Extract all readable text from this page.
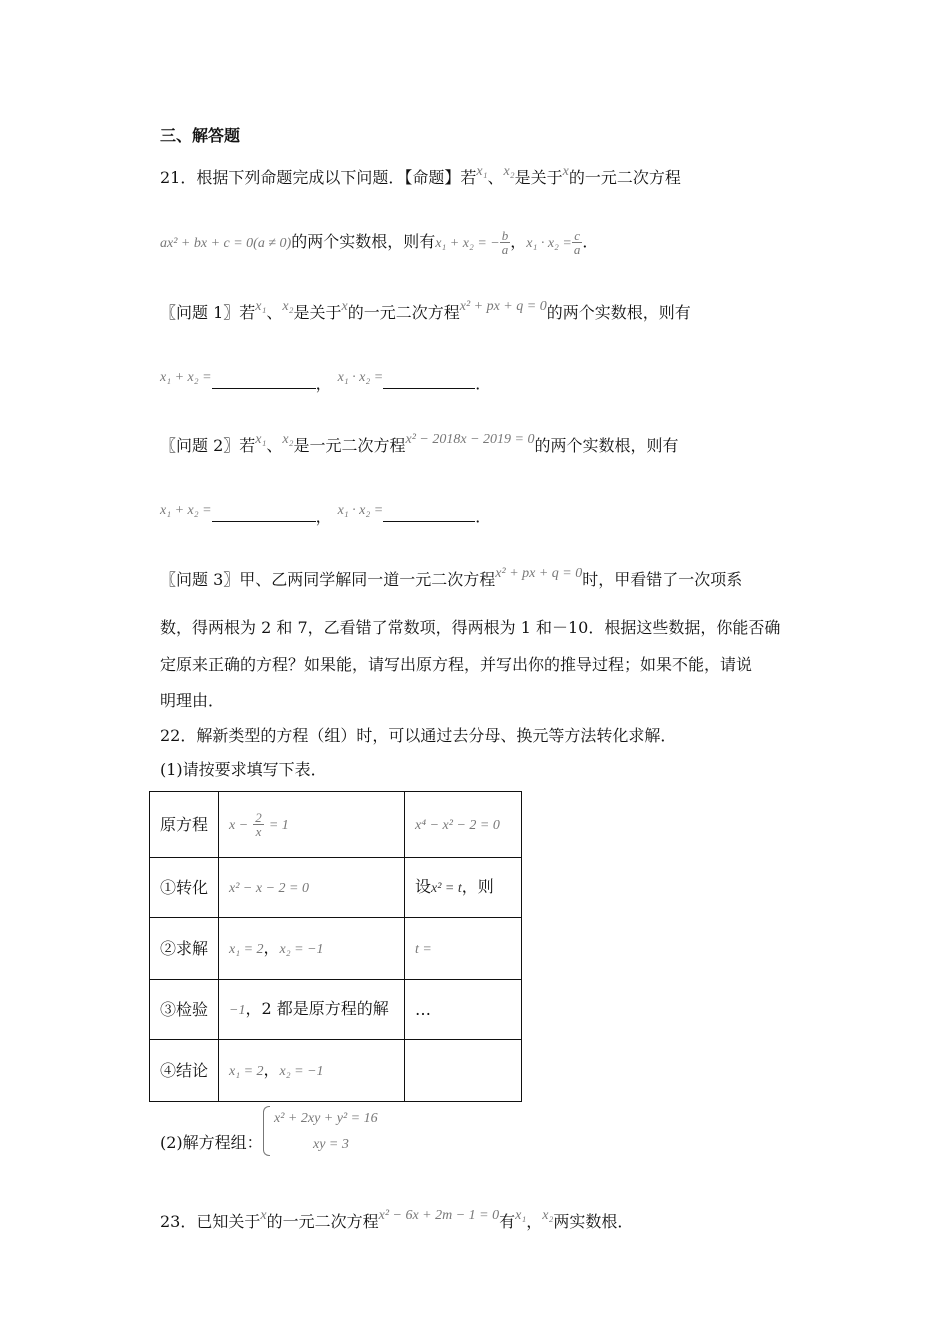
三、解答题
21．根据下列命题完成以下问题．【命题】若x₁、x₂是关于x的一元二次方程
ax² + bx + c = 0(a ≠ 0)的两个实数根，则有x₁ + x₂ = − $\frac{b}{a}$ ，$x_1 \cdot x_2 = \frac{c}{a}$ ．
〖问题 1〗若x₁、x₂是关于x的一元二次方程x² + px + q = 0的两个实数根，则有
x₁ + x₂ =	， x₁ · x₂ =	．
〖问题 2〗若x₁、x₂是一元二次方程x² − 2018x − 2019 = 0的两个实数根，则有
x₁ + x₂ =	， x₁ · x₂ =	．
〖问题 3〗甲、乙两同学解同一道一元二次方程x² + px + q = 0时，甲看错了一次项系
数，得两根为 2 和 7，乙看错了常数项，得两根为 1 和－10．根据这些数据，你能否确
定原来正确的方程？如果能，请写出原方程，并写出你的推导过程；如果不能，请说
明理由．
22．解新类型的方程（组）时，可以通过去分母、换元等方法转化求解．
(1)请按要求填写下表．
原方程	$x - \frac{2}{x} = 1$	x⁴ − x² − 2 = 0
①转化	x² − x − 2 = 0	设x² = t，则
②求解	x₁ = 2，x₂ = −1	t =
③检验	−1，2 都是原方程的解	…
④结论	x₁ = 2，x₂ = −1	
(2)解方程组：
x² + 2xy + y² = 16
xy = 3
23．已知关于x的一元二次方程x² − 6x + 2m − 1 = 0有x₁，x₂两实数根．
